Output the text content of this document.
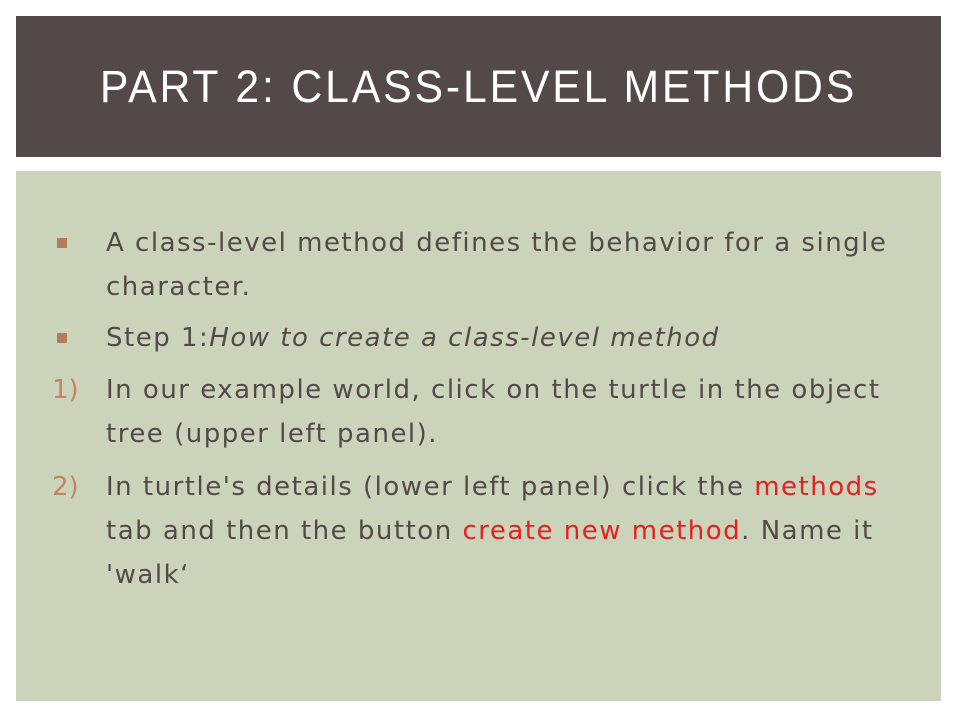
PART 2: CLASS-LEVEL METHODS
A class-level method defines the behavior for a single character.
Step 1:How to create a class-level method
1)	In our example world, click on the turtle in the object tree (upper left panel).
2)	In turtle's details (lower left panel) click the methods tab and then the button create new method. Name it 'walk‘
